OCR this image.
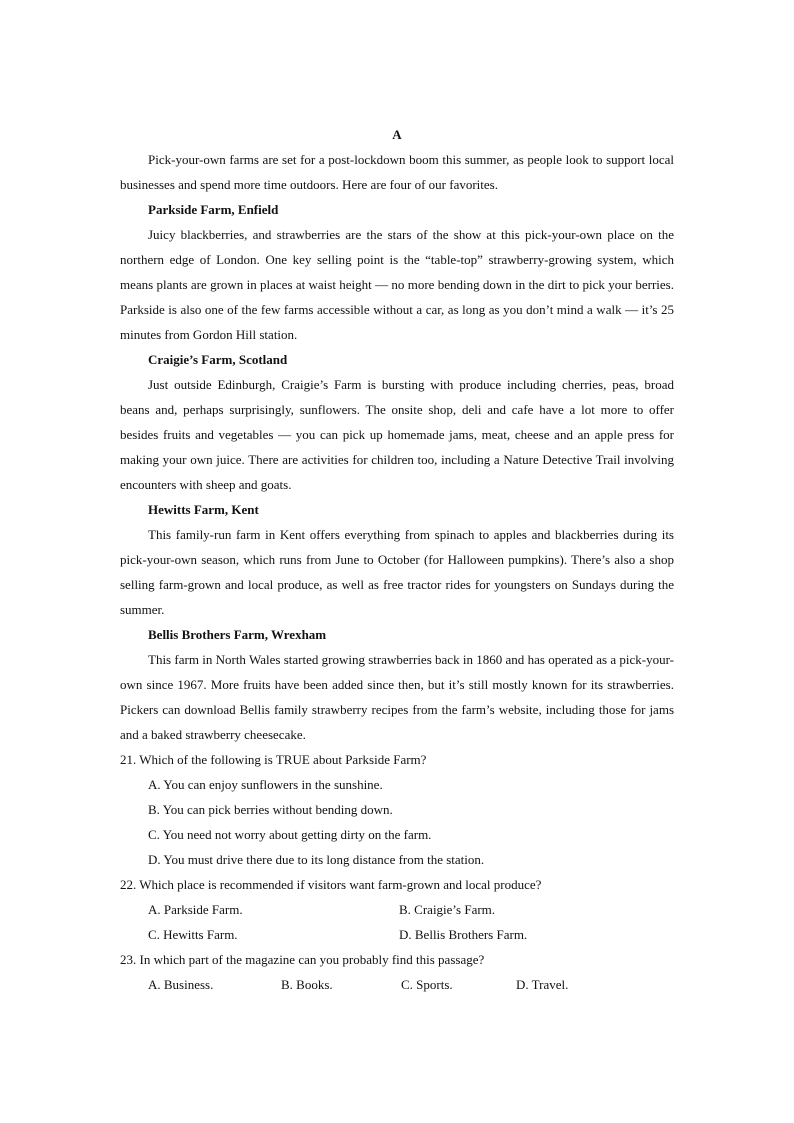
A

Pick-your-own farms are set for a post-lockdown boom this summer, as people look to support local businesses and spend more time outdoors. Here are four of our favorites.

Parkside Farm, Enfield

Juicy blackberries, and strawberries are the stars of the show at this pick-your-own place on the northern edge of London. One key selling point is the “table-top” strawberry-growing system, which means plants are grown in places at waist height — no more bending down in the dirt to pick your berries. Parkside is also one of the few farms accessible without a car, as long as you don’t mind a walk — it’s 25 minutes from Gordon Hill station.

Craigie’s Farm, Scotland

Just outside Edinburgh, Craigie’s Farm is bursting with produce including cherries, peas, broad beans and, perhaps surprisingly, sunflowers. The onsite shop, deli and cafe have a lot more to offer besides fruits and vegetables — you can pick up homemade jams, meat, cheese and an apple press for making your own juice. There are activities for children too, including a Nature Detective Trail involving encounters with sheep and goats.

Hewitts Farm, Kent

This family-run farm in Kent offers everything from spinach to apples and blackberries during its pick-your-own season, which runs from June to October (for Halloween pumpkins). There’s also a shop selling farm-grown and local produce, as well as free tractor rides for youngsters on Sundays during the summer.

Bellis Brothers Farm, Wrexham

This farm in North Wales started growing strawberries back in 1860 and has operated as a pick-your-own since 1967. More fruits have been added since then, but it’s still mostly known for its strawberries. Pickers can download Bellis family strawberry recipes from the farm’s website, including those for jams and a baked strawberry cheesecake.

21. Which of the following is TRUE about Parkside Farm?
A. You can enjoy sunflowers in the sunshine.
B. You can pick berries without bending down.
C. You need not worry about getting dirty on the farm.
D. You must drive there due to its long distance from the station.
22. Which place is recommended if visitors want farm-grown and local produce?
A. Parkside Farm.	B. Craigie’s Farm.
C. Hewitts Farm.	D. Bellis Brothers Farm.
23. In which part of the magazine can you probably find this passage?
A. Business.	B. Books.	C. Sports.	D. Travel.
